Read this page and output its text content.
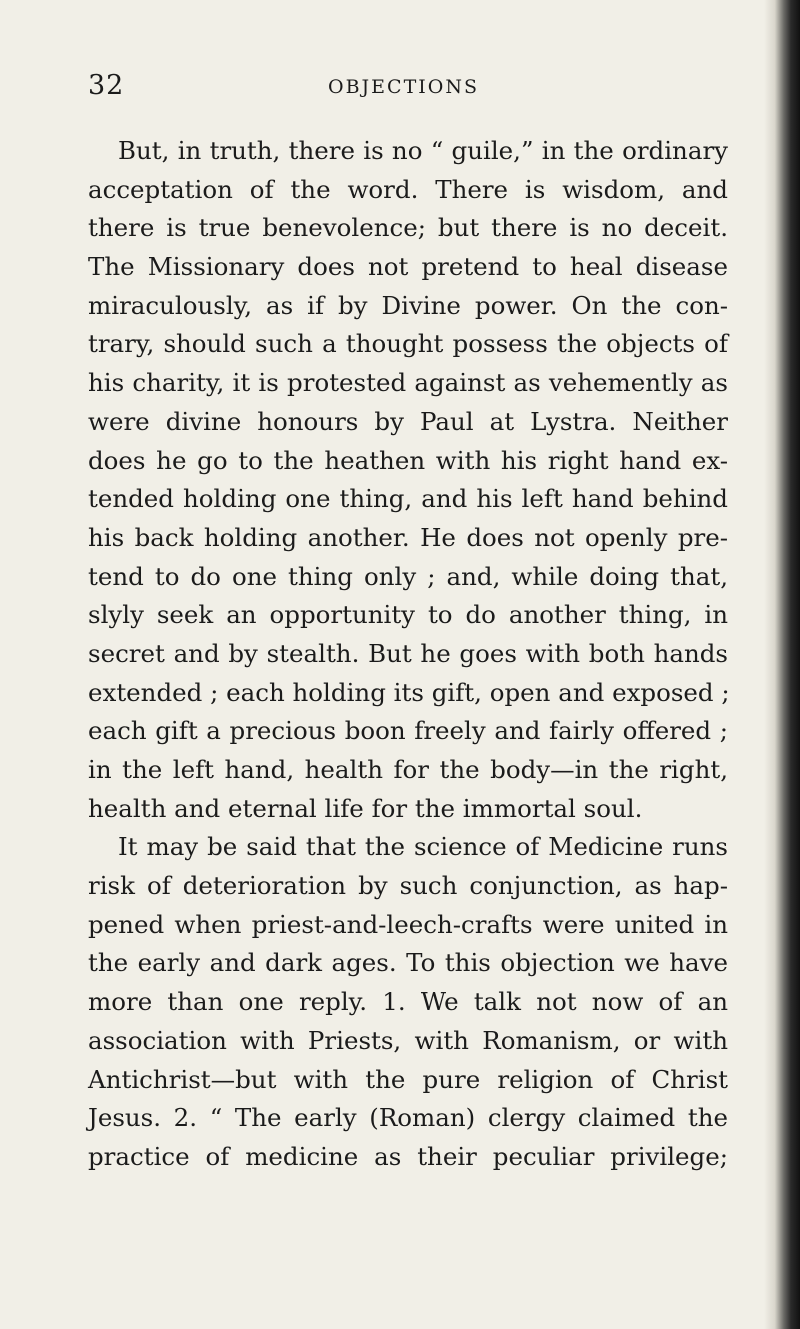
32	OBJECTIONS
But, in truth, there is no “ guile,” in the ordinary
acceptation of the word. There is wisdom, and
there is true benevolence; but there is no deceit.
The Missionary does not pretend to heal disease
miraculously, as if by Divine power. On the con-
trary, should such a thought possess the objects of
his charity, it is protested against as vehemently as
were divine honours by Paul at Lystra. Neither
does he go to the heathen with his right hand ex-
tended holding one thing, and his left hand behind
his back holding another. He does not openly pre-
tend to do one thing only ; and, while doing that,
slyly seek an opportunity to do another thing, in
secret and by stealth. But he goes with both hands
extended ; each holding its gift, open and exposed ;
each gift a precious boon freely and fairly offered ;
in the left hand, health for the body—in the right,
health and eternal life for the immortal soul.
It may be said that the science of Medicine runs
risk of deterioration by such conjunction, as hap-
pened when priest-and-leech-crafts were united in
the early and dark ages. To this objection we have
more than one reply. 1. We talk not now of an
association with Priests, with Romanism, or with
Antichrist—but with the pure religion of Christ
Jesus. 2. “ The early (Roman) clergy claimed the
practice of medicine as their peculiar privilege;
